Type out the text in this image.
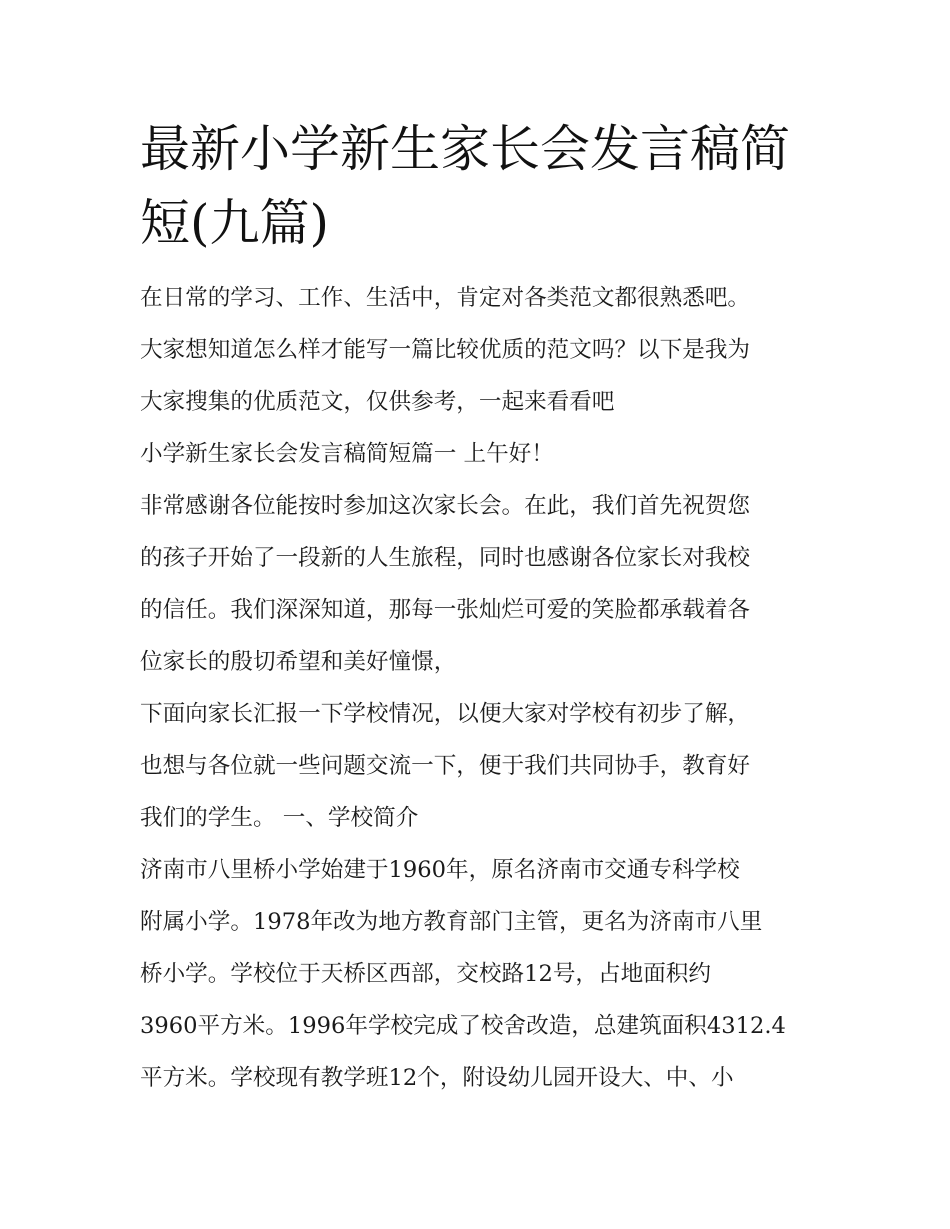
最新小学新生家长会发言稿简
短(九篇)
在日常的学习、工作、生活中，肯定对各类范文都很熟悉吧。
大家想知道怎么样才能写一篇比较优质的范文吗？以下是我为
大家搜集的优质范文，仅供参考，一起来看看吧
小学新生家长会发言稿简短篇一 上午好！
非常感谢各位能按时参加这次家长会。在此，我们首先祝贺您
的孩子开始了一段新的人生旅程，同时也感谢各位家长对我校
的信任。我们深深知道，那每一张灿烂可爱的笑脸都承载着各
位家长的殷切希望和美好憧憬，
下面向家长汇报一下学校情况，以便大家对学校有初步了解，
也想与各位就一些问题交流一下，便于我们共同协手，教育好
我们的学生。 一、学校简介
济南市八里桥小学始建于1960年，原名济南市交通专科学校
附属小学。1978年改为地方教育部门主管，更名为济南市八里
桥小学。学校位于天桥区西部，交校路12号，占地面积约
3960平方米。1996年学校完成了校舍改造，总建筑面积4312.4
平方米。学校现有教学班12个，附设幼儿园开设大、中、小
